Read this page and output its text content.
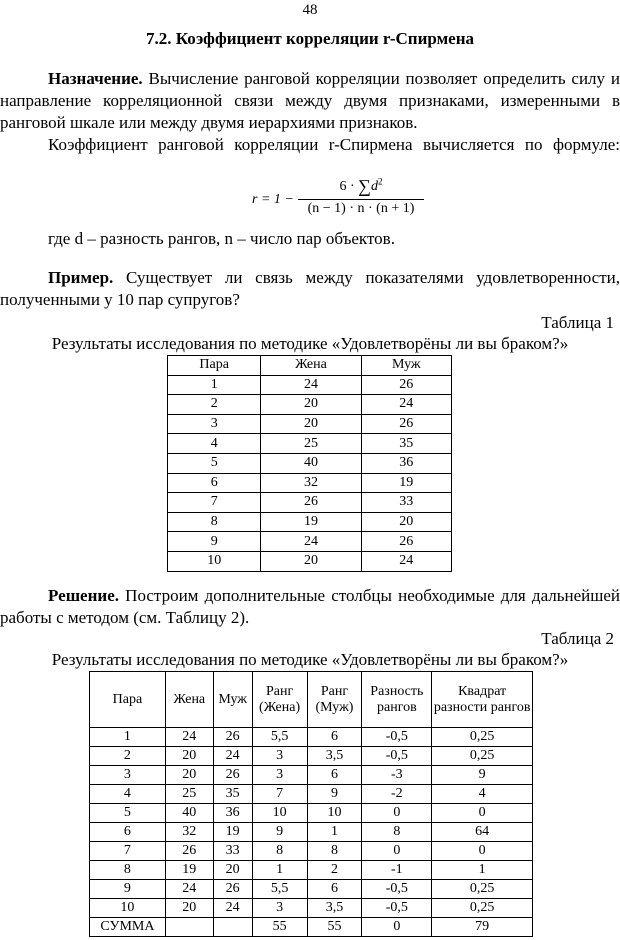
48
7.2. Коэффициент корреляции r-Спирмена

Назначение. Вычисление ранговой корреляции позволяет определить силу и направление корреляционной связи между двумя признаками, измеренными в ранговой шкале или между двумя иерархиями признаков.

Коэффициент ранговой корреляции r-Спирмена вычисляется по формуле:

r = 1 −
$6 \cdot \sum d^2$
(n − 1) · n · (n + 1)

где d – разность рангов, n – число пар объектов.

Пример. Существует ли связь между показателями удовлетворенности, полученными у 10 пар супругов?

Таблица 1
Результаты исследования по методике «Удовлетворёны ли вы браком?»
Пара	Жена	Муж
1	24	26
2	20	24
3	20	26
4	25	35
5	40	36
6	32	19
7	26	33
8	19	20
9	24	26
10	20	24

Решение. Построим дополнительные столбцы необходимые для дальнейшей работы с методом (см. Таблицу 2).

Таблица 2
Результаты исследования по методике «Удовлетворёны ли вы браком?»
Пара	Жена	Муж	Ранг (Жена)	Ранг (Муж)	Разность рангов	Квадрат разности рангов
1	24	26	5,5	6	-0,5	0,25
2	20	24	3	3,5	-0,5	0,25
3	20	26	3	6	-3	9
4	25	35	7	9	-2	4
5	40	36	10	10	0	0
6	32	19	9	1	8	64
7	26	33	8	8	0	0
8	19	20	1	2	-1	1
9	24	26	5,5	6	-0,5	0,25
10	20	24	3	3,5	-0,5	0,25
СУММА			55	55	0	79
